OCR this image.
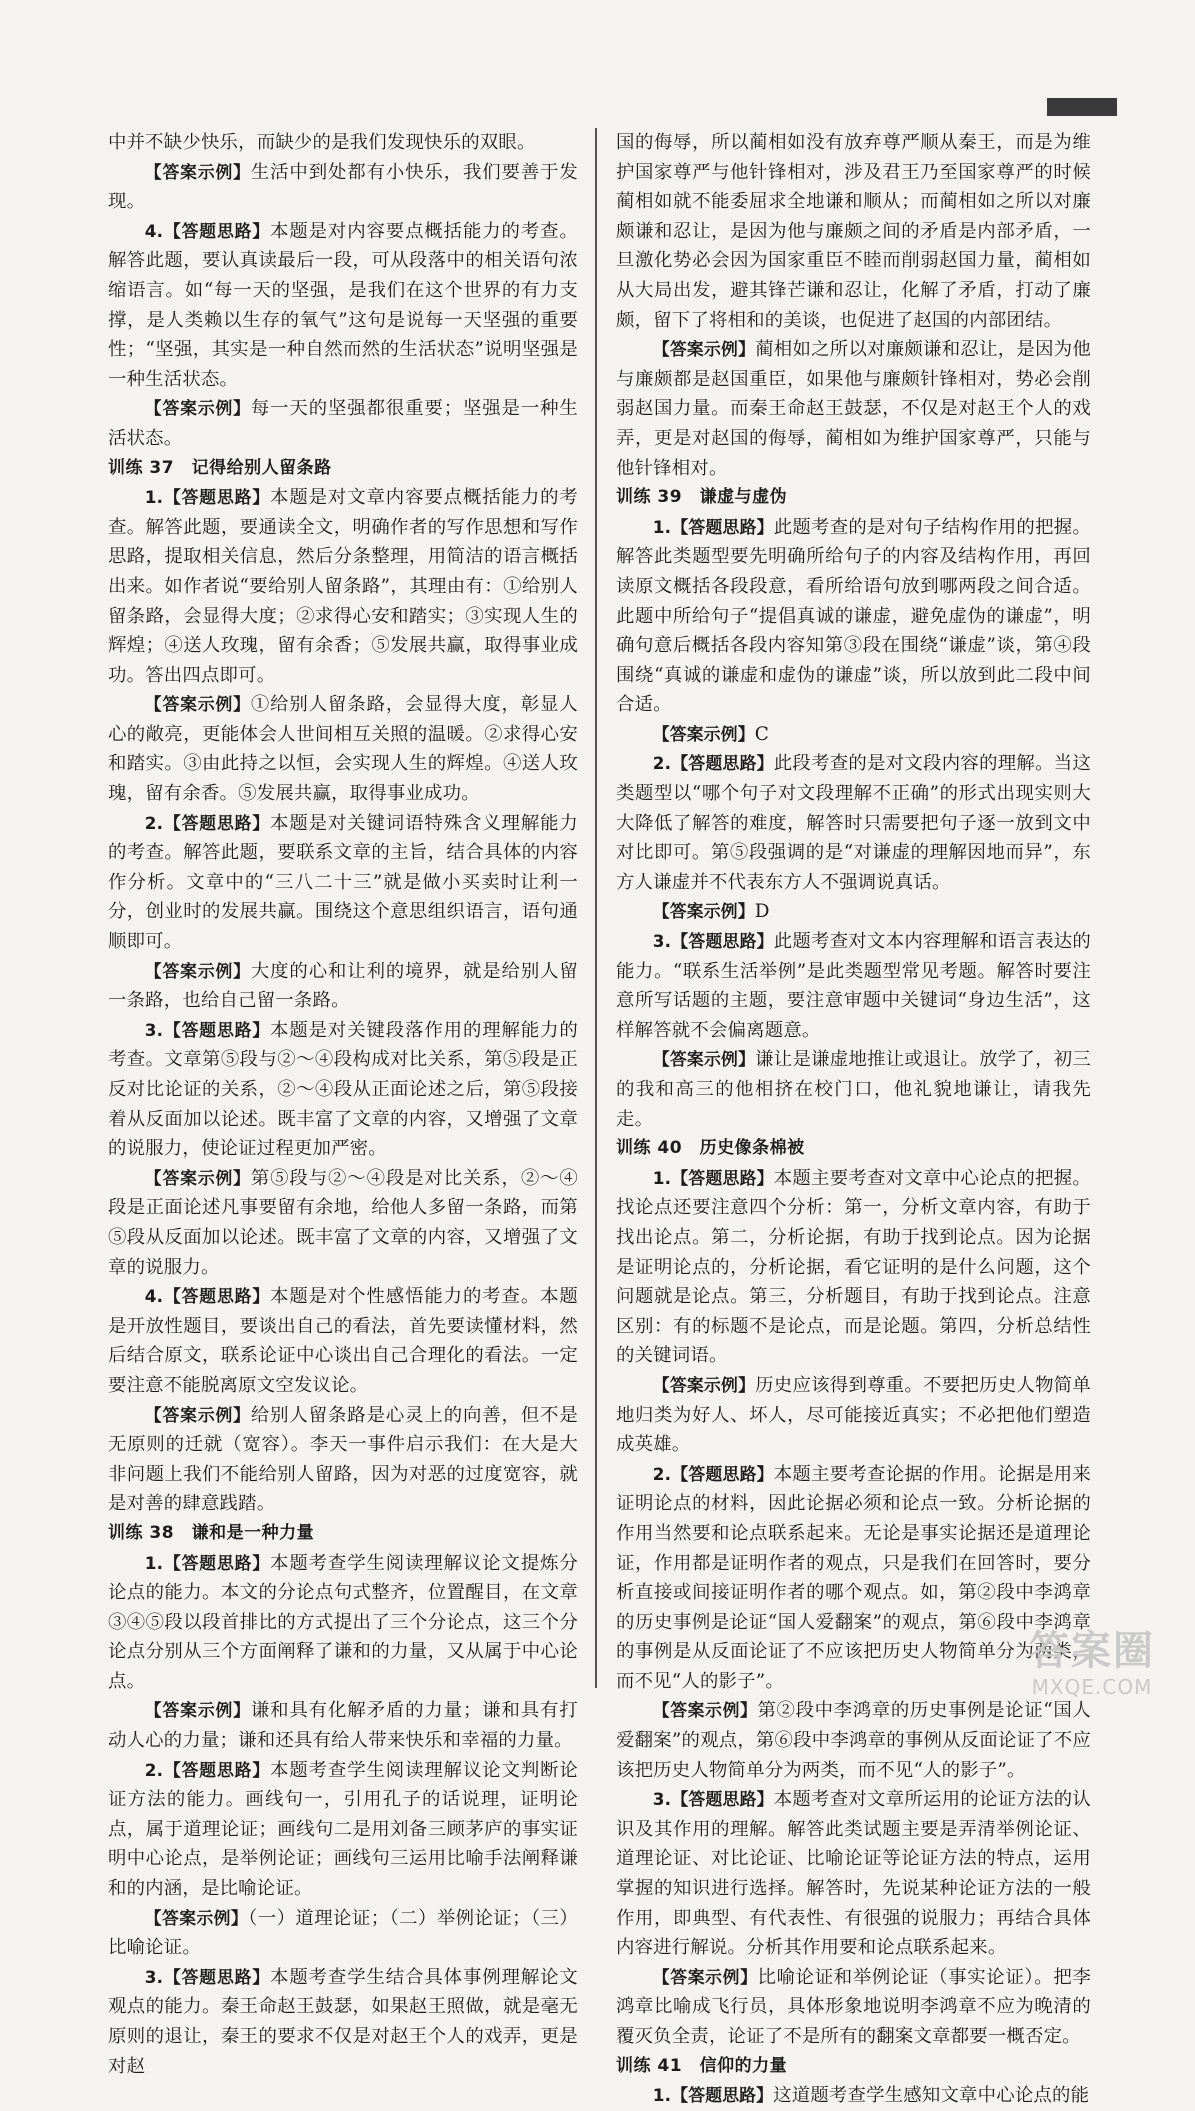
中并不缺少快乐，而缺少的是我们发现快乐的双眼。

【答案示例】生活中到处都有小快乐，我们要善于发现。

4.【答题思路】本题是对内容要点概括能力的考查。解答此题，要认真读最后一段，可从段落中的相关语句浓缩语言。如“每一天的坚强，是我们在这个世界的有力支撑，是人类赖以生存的氧气”这句是说每一天坚强的重要性；“坚强，其实是一种自然而然的生活状态”说明坚强是一种生活状态。

【答案示例】每一天的坚强都很重要；坚强是一种生活状态。

训练 37　记得给别人留条路

1.【答题思路】本题是对文章内容要点概括能力的考查。解答此题，要通读全文，明确作者的写作思想和写作思路，提取相关信息，然后分条整理，用简洁的语言概括出来。如作者说“要给别人留条路”，其理由有：①给别人留条路，会显得大度；②求得心安和踏实；③实现人生的辉煌；④送人玫瑰，留有余香；⑤发展共赢，取得事业成功。答出四点即可。

【答案示例】①给别人留条路，会显得大度，彰显人心的敞亮，更能体会人世间相互关照的温暖。②求得心安和踏实。③由此持之以恒，会实现人生的辉煌。④送人玫瑰，留有余香。⑤发展共赢，取得事业成功。

2.【答题思路】本题是对关键词语特殊含义理解能力的考查。解答此题，要联系文章的主旨，结合具体的内容作分析。文章中的“三八二十三”就是做小买卖时让利一分，创业时的发展共赢。围绕这个意思组织语言，语句通顺即可。

【答案示例】大度的心和让利的境界，就是给别人留一条路，也给自己留一条路。

3.【答题思路】本题是对关键段落作用的理解能力的考查。文章第⑤段与②～④段构成对比关系，第⑤段是正反对比论证的关系，②～④段从正面论述之后，第⑤段接着从反面加以论述。既丰富了文章的内容，又增强了文章的说服力，使论证过程更加严密。

【答案示例】第⑤段与②～④段是对比关系，②～④段是正面论述凡事要留有余地，给他人多留一条路，而第⑤段从反面加以论述。既丰富了文章的内容，又增强了文章的说服力。

4.【答题思路】本题是对个性感悟能力的考查。本题是开放性题目，要谈出自己的看法，首先要读懂材料，然后结合原文，联系论证中心谈出自己合理化的看法。一定要注意不能脱离原文空发议论。

【答案示例】给别人留条路是心灵上的向善，但不是无原则的迁就（宽容）。李天一事件启示我们：在大是大非问题上我们不能给别人留路，因为对恶的过度宽容，就是对善的肆意践踏。

训练 38　谦和是一种力量

1.【答题思路】本题考查学生阅读理解议论文提炼分论点的能力。本文的分论点句式整齐，位置醒目，在文章③④⑤段以段首排比的方式提出了三个分论点，这三个分论点分别从三个方面阐释了谦和的力量，又从属于中心论点。

【答案示例】谦和具有化解矛盾的力量；谦和具有打动人心的力量；谦和还具有给人带来快乐和幸福的力量。

2.【答题思路】本题考查学生阅读理解议论文判断论证方法的能力。画线句一，引用孔子的话说理，证明论点，属于道理论证；画线句二是用刘备三顾茅庐的事实证明中心论点，是举例论证；画线句三运用比喻手法阐释谦和的内涵，是比喻论证。

【答案示例】（一）道理论证；（二）举例论证；（三）比喻论证。

3.【答题思路】本题考查学生结合具体事例理解论文观点的能力。秦王命赵王鼓瑟，如果赵王照做，就是毫无原则的退让，秦王的要求不仅是对赵王个人的戏弄，更是对赵

国的侮辱，所以蔺相如没有放弃尊严顺从秦王，而是为维护国家尊严与他针锋相对，涉及君王乃至国家尊严的时候蔺相如就不能委屈求全地谦和顺从；而蔺相如之所以对廉颇谦和忍让，是因为他与廉颇之间的矛盾是内部矛盾，一旦激化势必会因为国家重臣不睦而削弱赵国力量，蔺相如从大局出发，避其锋芒谦和忍让，化解了矛盾，打动了廉颇，留下了将相和的美谈，也促进了赵国的内部团结。

【答案示例】蔺相如之所以对廉颇谦和忍让，是因为他与廉颇都是赵国重臣，如果他与廉颇针锋相对，势必会削弱赵国力量。而秦王命赵王鼓瑟，不仅是对赵王个人的戏弄，更是对赵国的侮辱，蔺相如为维护国家尊严，只能与他针锋相对。

训练 39　谦虚与虚伪

1.【答题思路】此题考查的是对句子结构作用的把握。解答此类题型要先明确所给句子的内容及结构作用，再回读原文概括各段段意，看所给语句放到哪两段之间合适。此题中所给句子“提倡真诚的谦虚，避免虚伪的谦虚”，明确句意后概括各段内容知第③段在围绕“谦虚”谈，第④段围绕“真诚的谦虚和虚伪的谦虚”谈，所以放到此二段中间合适。

【答案示例】C

2.【答题思路】此段考查的是对文段内容的理解。当这类题型以“哪个句子对文段理解不正确”的形式出现实则大大降低了解答的难度，解答时只需要把句子逐一放到文中对比即可。第⑤段强调的是“对谦虚的理解因地而异”，东方人谦虚并不代表东方人不强调说真话。

【答案示例】D

3.【答题思路】此题考查对文本内容理解和语言表达的能力。“联系生活举例”是此类题型常见考题。解答时要注意所写话题的主题，要注意审题中关键词“身边生活”，这样解答就不会偏离题意。

【答案示例】谦让是谦虚地推让或退让。放学了，初三的我和高三的他相挤在校门口，他礼貌地谦让，请我先走。

训练 40　历史像条棉被

1.【答题思路】本题主要考查对文章中心论点的把握。找论点还要注意四个分析：第一，分析文章内容，有助于找出论点。第二，分析论据，有助于找到论点。因为论据是证明论点的，分析论据，看它证明的是什么问题，这个问题就是论点。第三，分析题目，有助于找到论点。注意区别：有的标题不是论点，而是论题。第四，分析总结性的关键词语。

【答案示例】历史应该得到尊重。不要把历史人物简单地归类为好人、坏人，尽可能接近真实；不必把他们塑造成英雄。

2.【答题思路】本题主要考查论据的作用。论据是用来证明论点的材料，因此论据必须和论点一致。分析论据的作用当然要和论点联系起来。无论是事实论据还是道理论证，作用都是证明作者的观点，只是我们在回答时，要分析直接或间接证明作者的哪个观点。如，第②段中李鸿章的历史事例是论证“国人爱翻案”的观点，第⑥段中李鸿章的事例是从反面论证了不应该把历史人物简单分为两类，而不见“人的影子”。

【答案示例】第②段中李鸿章的历史事例是论证“国人爱翻案”的观点，第⑥段中李鸿章的事例从反面论证了不应该把历史人物简单分为两类，而不见“人的影子”。

3.【答题思路】本题考查对文章所运用的论证方法的认识及其作用的理解。解答此类试题主要是弄清举例论证、道理论证、对比论证、比喻论证等论证方法的特点，运用掌握的知识进行选择。解答时，先说某种论证方法的一般作用，即典型、有代表性、有很强的说服力；再结合具体内容进行解说。分析其作用要和论点联系起来。

【答案示例】比喻论证和举例论证（事实论证）。把李鸿章比喻成飞行员，具体形象地说明李鸿章不应为晚清的覆灭负全责，论证了不是所有的翻案文章都要一概否定。

训练 41　信仰的力量

1.【答题思路】这道题考查学生感知文章中心论点的能

答案圈
MXQE.COM
